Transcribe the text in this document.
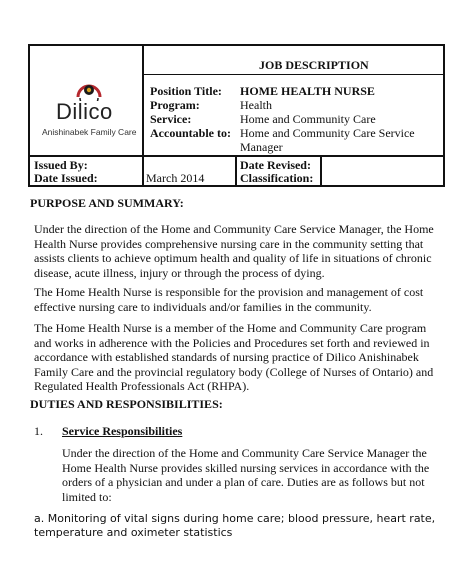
Dilico
Anishinabek Family Care
JOB DESCRIPTION
Position Title: HOME HEALTH NURSE
Program:	Health
Service:	Home and Community Care
Accountable to: Home and Community Care Service
Manager
Issued By:
Date Issued:	March 2014
Date Revised:
Classification:
PURPOSE AND SUMMARY:

Under the direction of the Home and Community Care Service Manager, the Home Health Nurse provides comprehensive nursing care in the community setting that assists clients to achieve optimum health and quality of life in situations of chronic disease, acute illness, injury or through the process of dying.

The Home Health Nurse is responsible for the provision and management of cost effective nursing care to individuals and/or families in the community.

The Home Health Nurse is a member of the Home and Community Care program and works in adherence with the Policies and Procedures set forth and reviewed in accordance with established standards of nursing practice of Dilico Anishinabek Family Care and the provincial regulatory body (College of Nurses of Ontario) and Regulated Health Professionals Act (RHPA).

DUTIES AND RESPONSIBILITIES:
1. Service Responsibilities

Under the direction of the Home and Community Care Service Manager the Home Health Nurse provides skilled nursing services in accordance with the orders of a physician and under a plan of care. Duties are as follows but not limited to:

a. Monitoring of vital signs during home care; blood pressure, heart rate, temperature and oximeter statistics
